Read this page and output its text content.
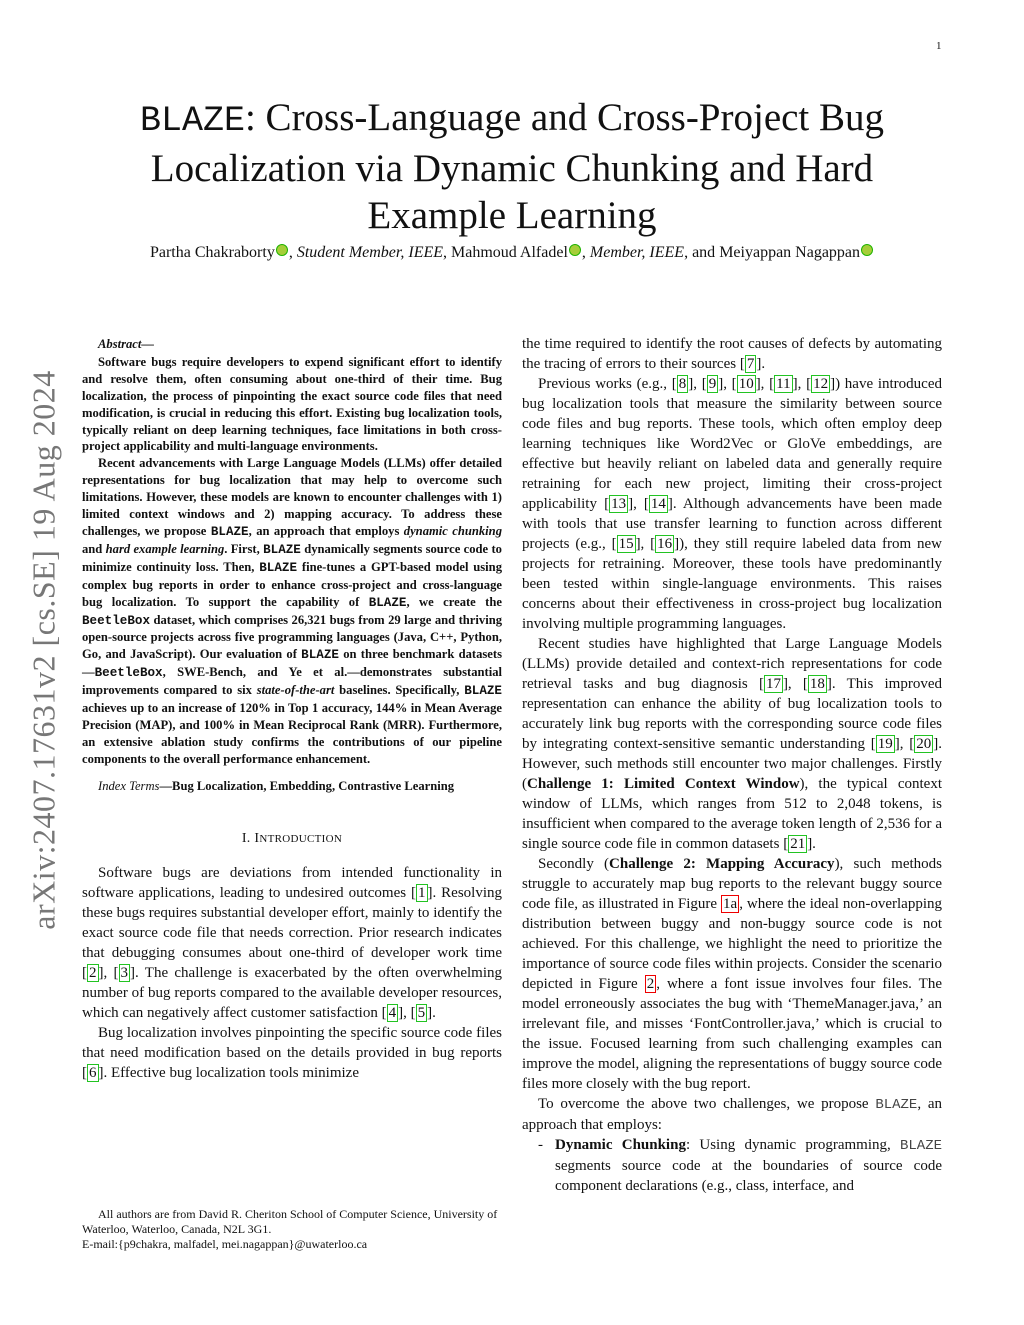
1
arXiv:2407.17631v2 [cs.SE] 19 Aug 2024
BLAZE: Cross-Language and Cross-Project Bug Localization via Dynamic Chunking and Hard Example Learning
Partha Chakraborty , Student Member, IEEE, Mahmoud Alfadel , Member, IEEE, and Meiyappan Nagappan
Abstract—

Software bugs require developers to expend significant effort to identify and resolve them, often consuming about one-third of their time. Bug localization, the process of pinpointing the exact source code files that need modification, is crucial in reducing this effort. Existing bug localization tools, typically reliant on deep learning techniques, face limitations in both cross-project applicability and multi-language environments.

Recent advancements with Large Language Models (LLMs) offer detailed representations for bug localization that may help to overcome such limitations. However, these models are known to encounter challenges with 1) limited context windows and 2) mapping accuracy. To address these challenges, we propose BLAZE, an approach that employs dynamic chunking and hard example learning. First, BLAZE dynamically segments source code to minimize continuity loss. Then, BLAZE fine-tunes a GPT-based model using complex bug reports in order to enhance cross-project and cross-language bug localization. To support the capability of BLAZE, we create the BeetleBox dataset, which comprises 26,321 bugs from 29 large and thriving open-source projects across five programming languages (Java, C++, Python, Go, and JavaScript). Our evaluation of BLAZE on three benchmark datasets—BeetleBox, SWE-Bench, and Ye et al.—demonstrates substantial improvements compared to six state-of-the-art baselines. Specifically, BLAZE achieves up to an increase of 120% in Top 1 accuracy, 144% in Mean Average Precision (MAP), and 100% in Mean Reciprocal Rank (MRR). Furthermore, an extensive ablation study confirms the contributions of our pipeline components to the overall performance enhancement.

Index Terms—Bug Localization, Embedding, Contrastive Learning
I. INTRODUCTION

Software bugs are deviations from intended functionality in software applications, leading to undesired outcomes [ 1 ]. Resolving these bugs requires substantial developer effort, mainly to identify the exact source code file that needs correction. Prior research indicates that debugging consumes about one-third of developer work time [ 2 ], [ 3 ]. The challenge is exacerbated by the often overwhelming number of bug reports compared to the available developer resources, which can negatively affect customer satisfaction [ 4 ], [ 5 ].

Bug localization involves pinpointing the specific source code files that need modification based on the details provided in bug reports [ 6 ]. Effective bug localization tools minimize

All authors are from David R. Cheriton School of Computer Science, University of Waterloo, Waterloo, Canada, N2L 3G1.

E-mail:{p9chakra, malfadel, mei.nagappan}@uwaterloo.ca

the time required to identify the root causes of defects by automating the tracing of errors to their sources [ 7 ].

Previous works (e.g., [ 8 ], [ 9 ], [ 10 ], [ 11 ], [ 12 ]) have introduced bug localization tools that measure the similarity between source code files and bug reports. These tools, which often employ deep learning techniques like Word2Vec or GloVe embeddings, are effective but heavily reliant on labeled data and generally require retraining for each new project, limiting their cross-project applicability [ 13 ], [ 14 ]. Although advancements have been made with tools that use transfer learning to function across different projects (e.g., [ 15 ], [ 16 ]), they still require labeled data from new projects for retraining. Moreover, these tools have predominantly been tested within single-language environments. This raises concerns about their effectiveness in cross-project bug localization involving multiple programming languages.

Recent studies have highlighted that Large Language Models (LLMs) provide detailed and context-rich representations for code retrieval tasks and bug diagnosis [ 17 ], [ 18 ]. This improved representation can enhance the ability of bug localization tools to accurately link bug reports with the corresponding source code files by integrating context-sensitive semantic understanding [ 19 ], [ 20 ]. However, such methods still encounter two major challenges. Firstly (Challenge 1: Limited Context Window), the typical context window of LLMs, which ranges from 512 to 2,048 tokens, is insufficient when compared to the average token length of 2,536 for a single source code file in common datasets [ 21 ].

Secondly (Challenge 2: Mapping Accuracy), such methods struggle to accurately map bug reports to the relevant buggy source code file, as illustrated in Figure 1a , where the ideal non-overlapping distribution between buggy and non-buggy source code is not achieved. For this challenge, we highlight the need to prioritize the importance of source code files within projects. Consider the scenario depicted in Figure 2 , where a font issue involves four files. The model erroneously associates the bug with ‘ThemeManager.java,’ an irrelevant file, and misses ‘FontController.java,’ which is crucial to the issue. Focused learning from such challenging examples can improve the model, aligning the representations of buggy source code files more closely with the bug report.

To overcome the above two challenges, we propose BLAZE, an approach that employs:

- Dynamic Chunking: Using dynamic programming, BLAZE segments source code at the boundaries of source code component declarations (e.g., class, interface, and
